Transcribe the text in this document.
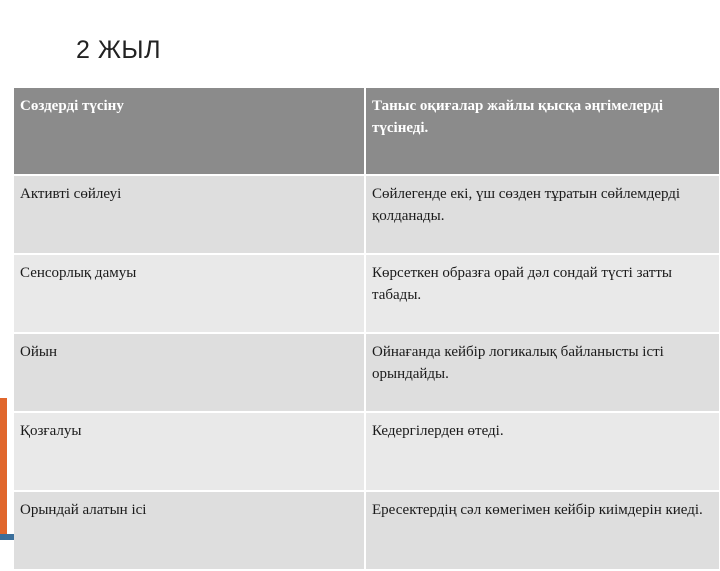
2 ЖЫЛ
Сөздерді түсіну	Таныс оқиғалар жайлы қысқа әңгімелерді түсінеді.
Активті сөйлеуі	Сөйлегенде екі, үш сөзден тұратын сөйлемдерді қолданады.
Сенсорлық дамуы	Көрсеткен образға орай дәл сондай түсті затты табады.
Ойын	Ойнағанда кейбір логикалық байланысты істі орындайды.
Қозғалуы	Кедергілерден өтеді.
Орындай алатын ісі	Ересектердің сәл көмегімен кейбір киімдерін киеді.
